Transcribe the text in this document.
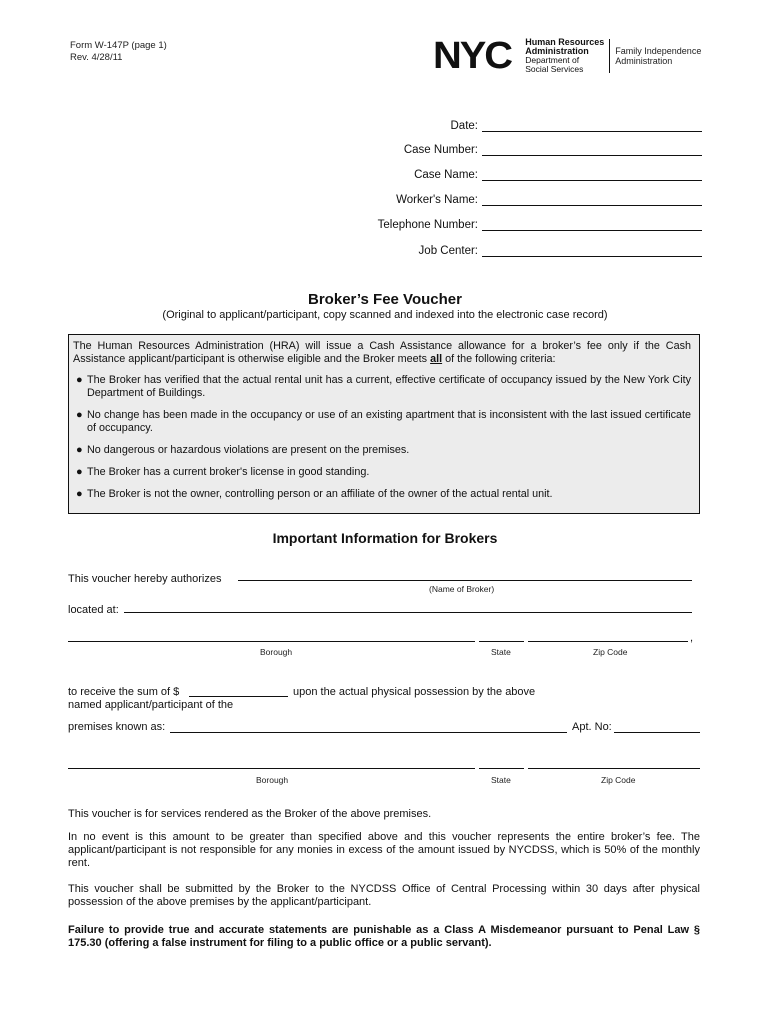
Form W-147P (page 1)
Rev. 4/28/11	NYC Human Resources
Administration
Department of
Social Services
Family Independence
Administration
Date:
Case Number:
Case Name:
Worker's Name:
Telephone Number:
Job Center:
Broker’s Fee Voucher
(Original to applicant/participant, copy scanned and indexed into the electronic case record)
The Human Resources Administration (HRA) will issue a Cash Assistance allowance for a broker’s fee only if the Cash Assistance applicant/participant is otherwise eligible and the Broker meets all of the following criteria:
● The Broker has verified that the actual rental unit has a current, effective certificate of occupancy issued by the New York City Department of Buildings.
● No change has been made in the occupancy or use of an existing apartment that is inconsistent with the last issued certificate of occupancy.
● No dangerous or hazardous violations are present on the premises.
● The Broker has a current broker's license in good standing.
● The Broker is not the owner, controlling person or an affiliate of the owner of the actual rental unit.
Important Information for Brokers
This voucher hereby authorizes
(Name of Broker)
located at:
,
Borough	State	Zip Code
to receive the sum of $	upon the actual physical possession by the above
named applicant/participant of the
premises known as:	Apt. No:
Borough	State	Zip Code
This voucher is for services rendered as the Broker of the above premises.
In no event is this amount to be greater than specified above and this voucher represents the entire broker’s fee. The applicant/participant is not responsible for any monies in excess of the amount issued by NYCDSS, which is 50% of the monthly rent.
This voucher shall be submitted by the Broker to the NYCDSS Office of Central Processing within 30 days after physical possession of the above premises by the applicant/participant.
Failure to provide true and accurate statements are punishable as a Class A Misdemeanor pursuant to Penal Law § 175.30 (offering a false instrument for filing to a public office or a public servant).
